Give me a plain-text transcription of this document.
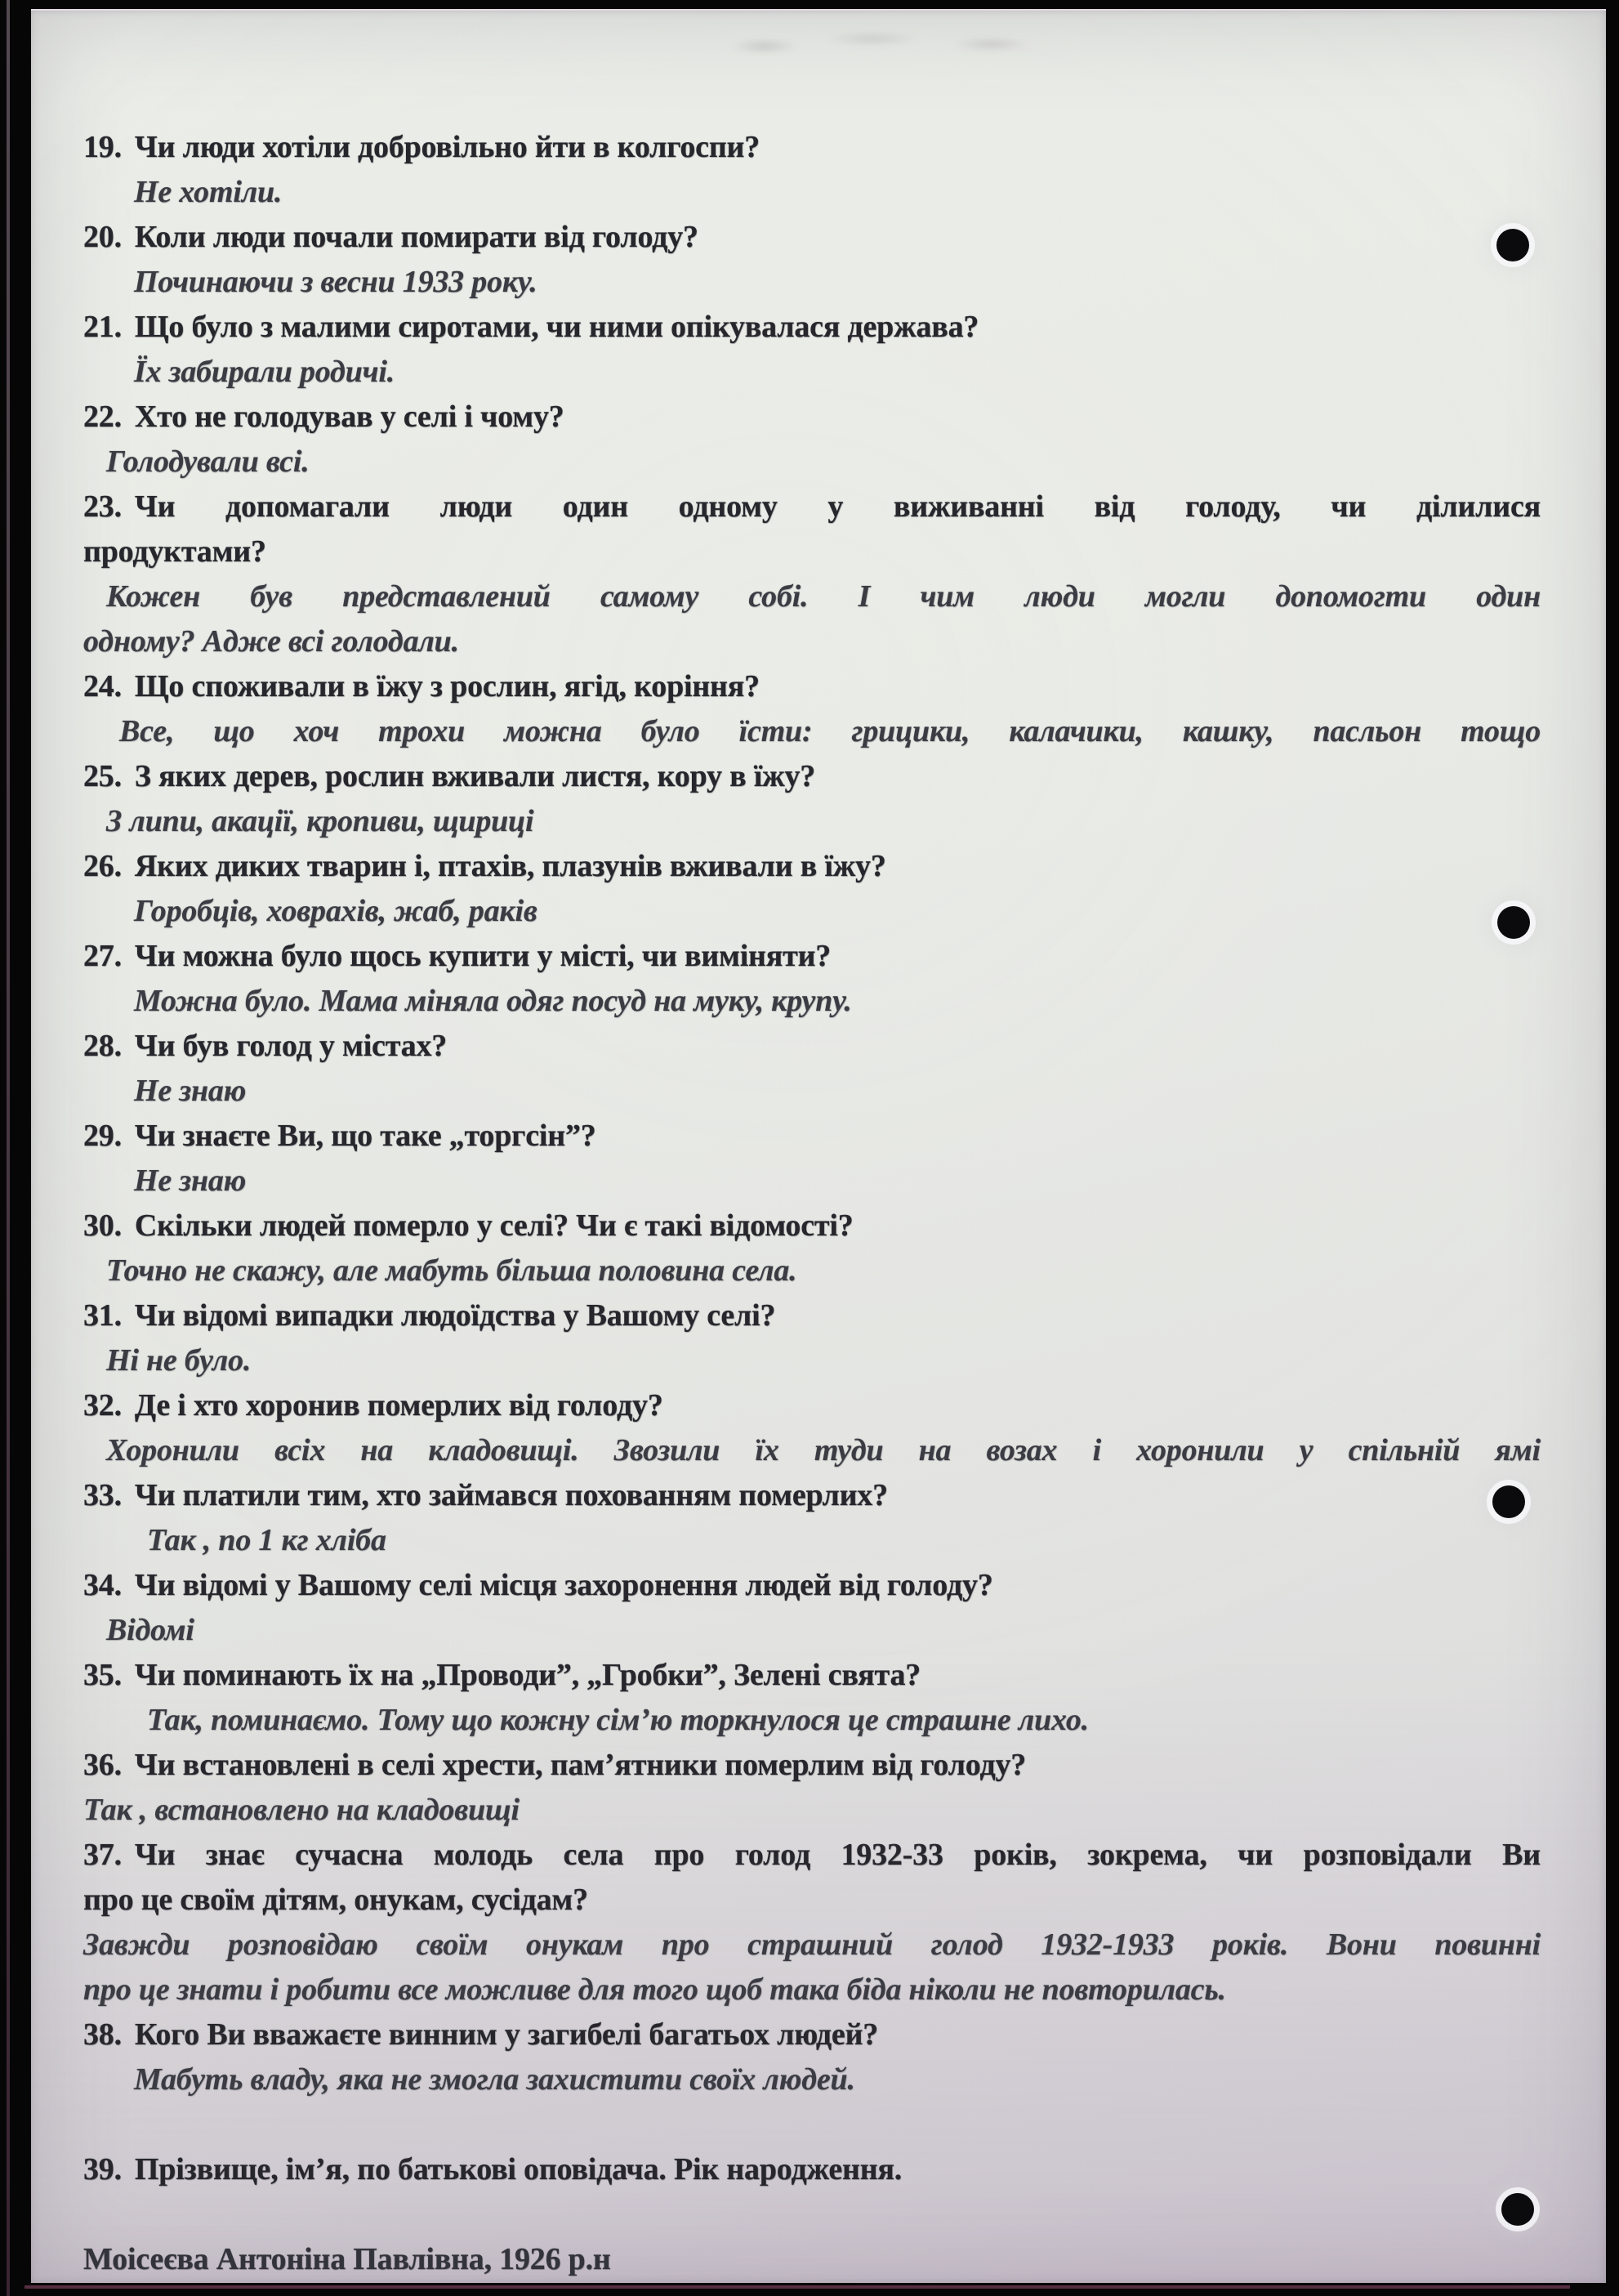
19. Чи люди хотіли добровільно йти в колгоспи?
Не хотіли.
20. Коли люди почали помирати від голоду?
Починаючи з весни 1933 року.
21. Що було з малими сиротами, чи ними опікувалася держава?
Їх забирали родичі.
22. Хто не голодував у селі і чому?
Голодували всі.
23. Чи допомагали люди один одному у виживанні від голоду, чи ділилися
продуктами?
Кожен був представлений самому собі. І чим люди могли допомогти один
одному? Адже всі голодали.
24. Що споживали в їжу з рослин, ягід, коріння?
Все, що хоч трохи можна було їсти: грицики, калачики, кашку, пасльон тощо
25. З яких дерев, рослин вживали листя, кору в їжу?
З липи, акації, кропиви, щириці
26. Яких диких тварин і, птахів, плазунів вживали в їжу?
Горобців, ховрахів, жаб, раків
27. Чи можна було щось купити у місті, чи виміняти?
Можна було. Мама міняла одяг посуд на муку, крупу.
28. Чи був голод у містах?
Не знаю
29. Чи знаєте Ви, що таке „торгсін”?
Не знаю
30. Скільки людей померло у селі? Чи є такі відомості?
Точно не скажу, але мабуть більша половина села.
31. Чи відомі випадки людоїдства у Вашому селі?
Ні не було.
32. Де і хто хоронив померлих від голоду?
Хоронили всіх на кладовищі. Звозили їх туди на возах і хоронили у спільній ямі
33. Чи платили тим, хто займався похованням померлих?
Так , по 1 кг хліба
34. Чи відомі у Вашому селі місця захоронення людей від голоду?
Відомі
35. Чи поминають їх на „Проводи”, „Гробки”, Зелені свята?
Так, поминаємо. Тому що кожну сім’ю торкнулося це страшне лихо.
36. Чи встановлені в селі хрести, пам’ятники померлим від голоду?
Так , встановлено на кладовищі
37. Чи знає сучасна молодь села про голод 1932-33 років, зокрема, чи розповідали Ви
про це своїм дітям, онукам, сусідам?
Завжди розповідаю своїм онукам про страшний голод 1932-1933 років. Вони повинні
про це знати і робити все можливе для того щоб така біда ніколи не повторилась.
38. Кого Ви вважаєте винним у загибелі багатьох людей?
Мабуть владу, яка не змогла захистити своїх людей.
39. Прізвище, ім’я, по батькові оповідача. Рік народження.
Моісеєва Антоніна Павлівна, 1926 р.н
